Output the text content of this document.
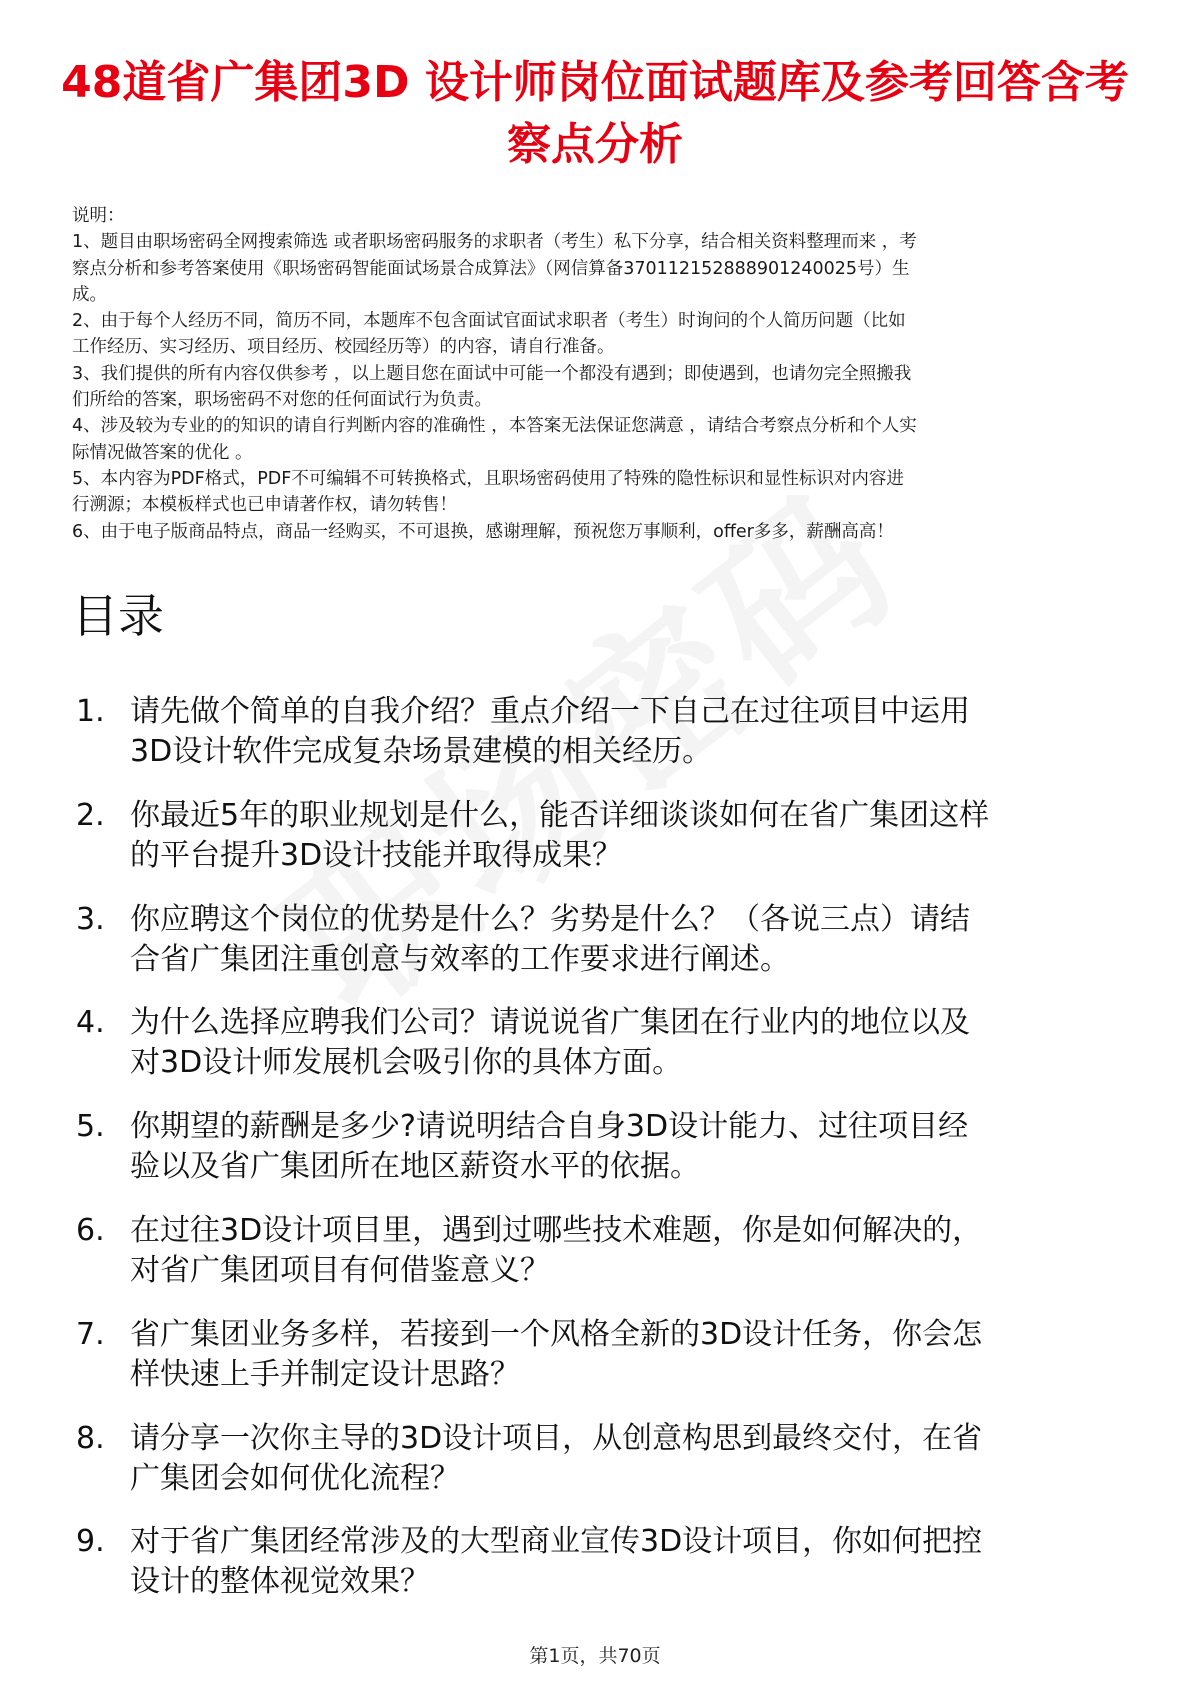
48道省广集团3D 设计师岗位面试题库及参考回答含考察点分析
说明：
1、题目由职场密码全网搜索筛选 或者职场密码服务的求职者（考生）私下分享，结合相关资料整理而来 ，考
察点分析和参考答案使用《职场密码智能面试场景合成算法》（网信算备370112152888901240025号）生
成。
2、由于每个人经历不同，简历不同，本题库不包含面试官面试求职者（考生）时询问的个人简历问题（比如
工作经历、实习经历、项目经历、校园经历等）的内容，请自行准备。
3、我们提供的所有内容仅供参考 ，以上题目您在面试中可能一个都没有遇到；即使遇到，也请勿完全照搬我
们所给的答案，职场密码不对您的任何面试行为负责。
4、涉及较为专业的的知识的请自行判断内容的准确性 ，本答案无法保证您满意 ，请结合考察点分析和个人实
际情况做答案的优化 。
5、本内容为PDF格式，PDF不可编辑不可转换格式，且职场密码使用了特殊的隐性标识和显性标识对内容进
行溯源；本模板样式也已申请著作权，请勿转售！
6、由于电子版商品特点，商品一经购买，不可退换，感谢理解，预祝您万事顺利，offer多多，薪酬高高！
目录
1. 请先做个简单的自我介绍？重点介绍一下自己在过往项目中运用
3D设计软件完成复杂场景建模的相关经历。
2. 你最近5年的职业规划是什么，能否详细谈谈如何在省广集团这样
的平台提升3D设计技能并取得成果？
3. 你应聘这个岗位的优势是什么？劣势是什么？（各说三点）请结
合省广集团注重创意与效率的工作要求进行阐述。
4. 为什么选择应聘我们公司？请说说省广集团在行业内的地位以及
对3D设计师发展机会吸引你的具体方面。
5. 你期望的薪酬是多少?请说明结合自身3D设计能力、过往项目经
验以及省广集团所在地区薪资水平的依据。
6. 在过往3D设计项目里，遇到过哪些技术难题，你是如何解决的，
对省广集团项目有何借鉴意义？
7. 省广集团业务多样，若接到一个风格全新的3D设计任务，你会怎
样快速上手并制定设计思路？
8. 请分享一次你主导的3D设计项目，从创意构思到最终交付，在省
广集团会如何优化流程？
9. 对于省广集团经常涉及的大型商业宣传3D设计项目，你如何把控
设计的整体视觉效果？
第1页，共70页
